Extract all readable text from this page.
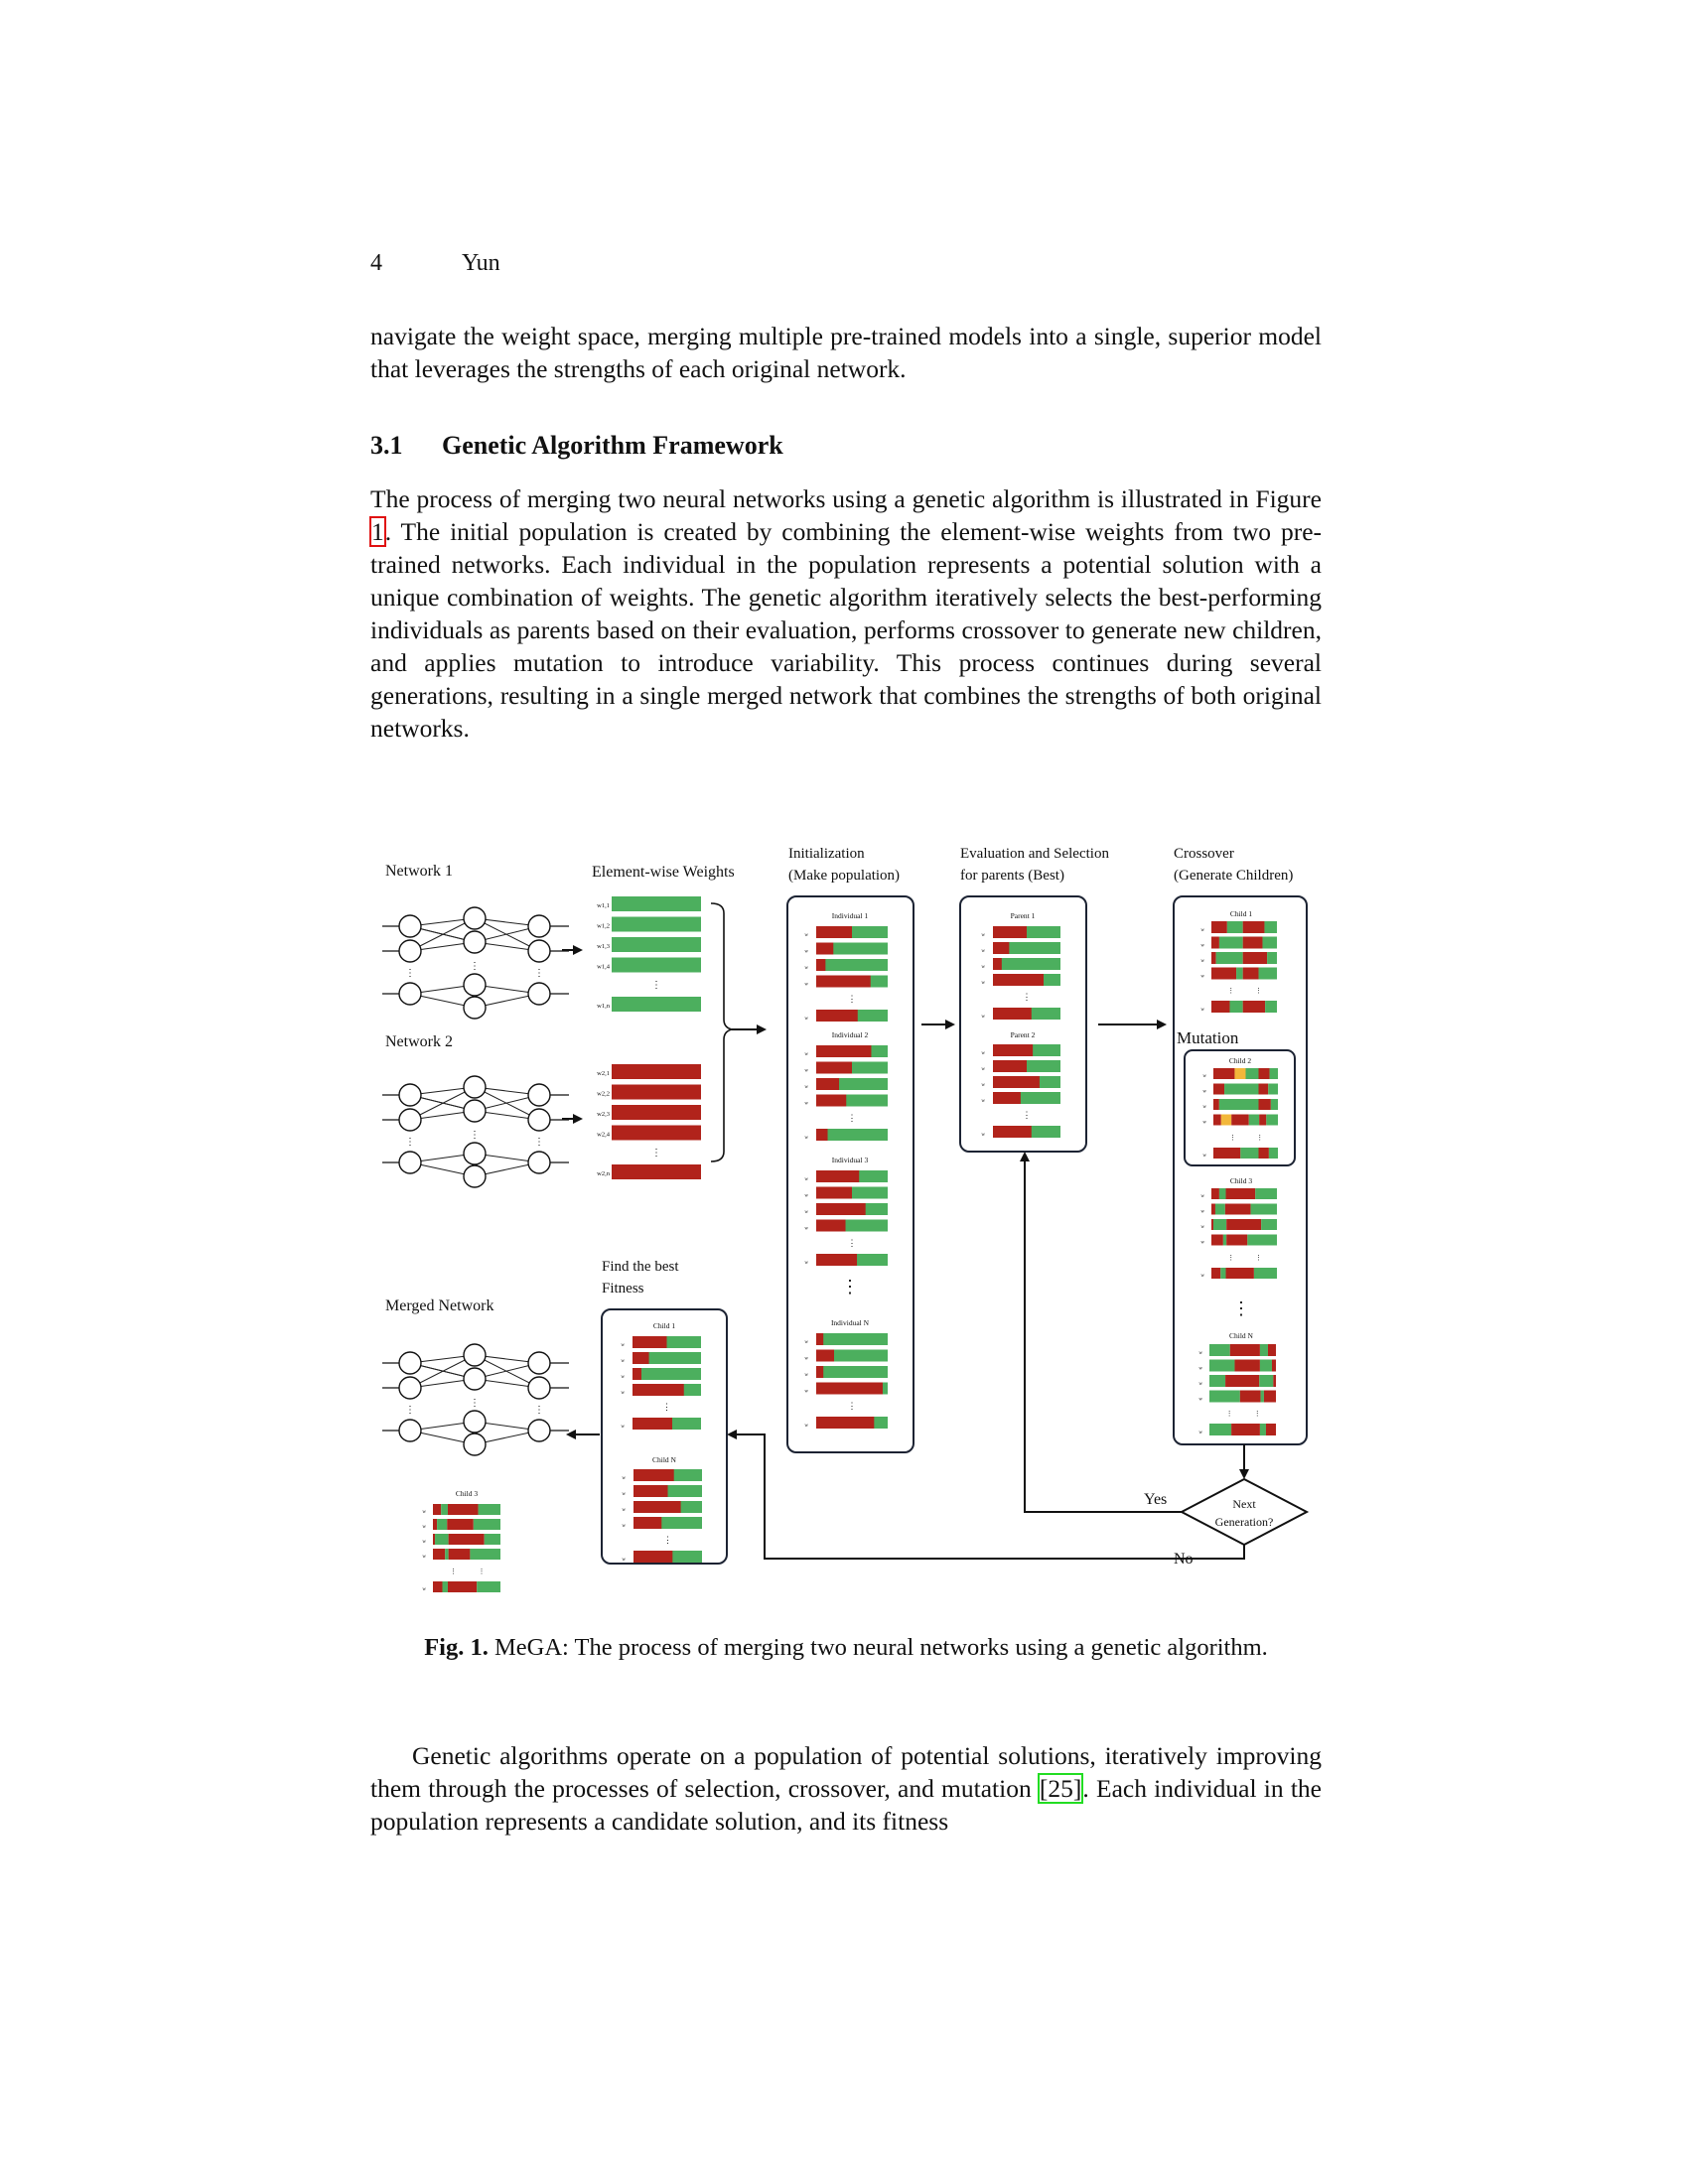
4	Yun

navigate the weight space, merging multiple pre-trained models into a single, superior model that leverages the strengths of each original network.

3.1 Genetic Algorithm Framework

The process of merging two neural networks using a genetic algorithm is illustrated in Figure 1. The initial population is created by combining the element-wise weights from two pre-trained networks. Each individual in the population represents a potential solution with a unique combination of weights. The genetic algorithm iteratively selects the best-performing individuals as parents based on their evaluation, performs crossover to generate new children, and applies mutation to introduce variability. This process continues during several generations, resulting in a single merged network that combines the strengths of both original networks.

Network 1
⋮
⋮
⋮
Network 2
⋮
⋮
⋮
Merged Network
⋮
⋮
⋮
Element-wise Weights
w1,1
w1,2
w1,3
w1,4
w1,n
⋮
w2,1
w2,2
w2,3
w2,4
w2,n
⋮
Initialization
(Make population)
Individual 1
w
w
w
w
w
⋮
Individual 2
w
w
w
w
w
⋮
Individual 3
w
w
w
w
w
⋮
Individual N
w
w
w
w
w
⋮
⋮
Evaluation and Selection
for parents (Best)
Parent 1
w
w
w
w
w
⋮
Parent 2
w
w
w
w
w
⋮
Crossover
(Generate Children)
Child 1
w
w
w
w
w
⋮	⋮
Mutation
Child 2
w
w
w
w
w
⋮	⋮
Child 3
w
w
w
w
w
⋮	⋮
⋮
Child N
w
w
w
w
w
⋮	⋮
Next
Generation?
Yes
No
Find the best
Fitness
Child 1
w
w
w
w
w
⋮
Child N
w
w
w
w
w
⋮
Child 3
w
w
w
w
w
⋮	⋮
Fig. 1. MeGA: The process of merging two neural networks using a genetic algorithm.

Genetic algorithms operate on a population of potential solutions, iteratively improving them through the processes of selection, crossover, and mutation [25]. Each individual in the population represents a candidate solution, and its fitness
